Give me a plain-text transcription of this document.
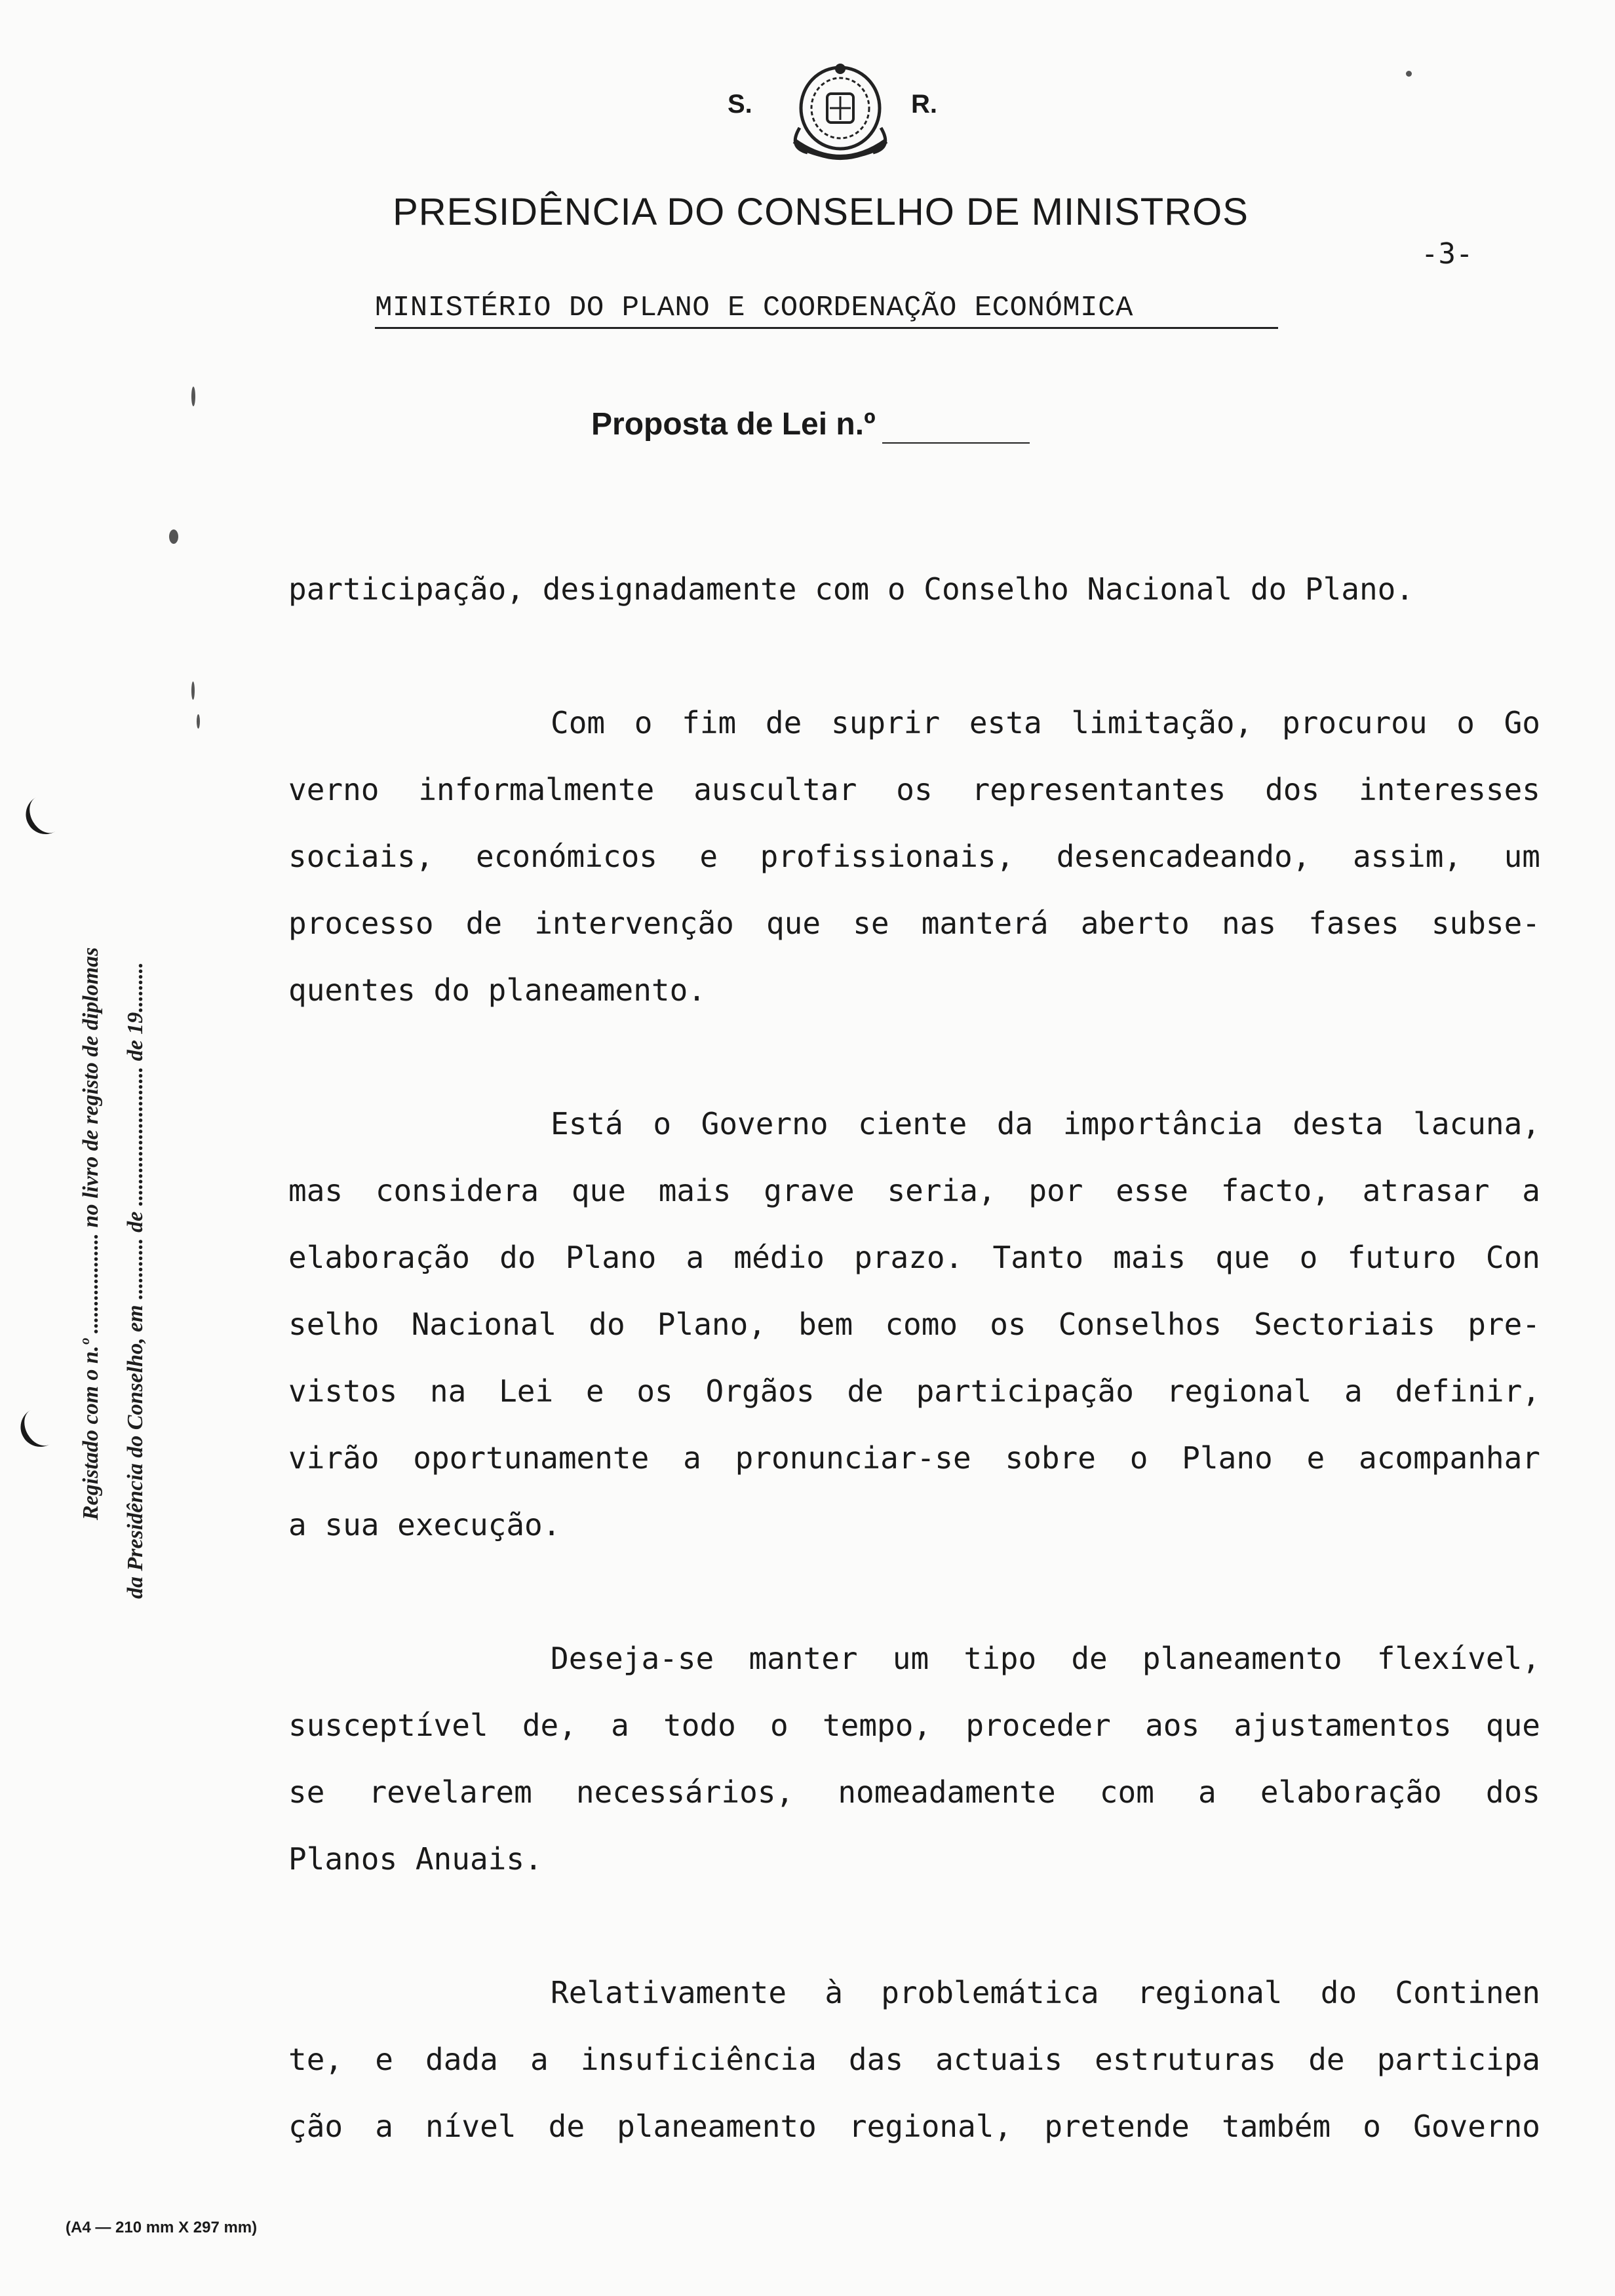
S.	R.
PRESIDÊNCIA DO CONSELHO DE MINISTROS
-3-
MINISTÉRIO DO PLANO E COORDENAÇÃO ECONÓMICA
Proposta de Lei n.º

participação, designadamente com o Conselho Nacional do Plano.

Com o fim de suprir esta limitação, procurou o Go
verno informalmente auscultar os representantes dos interesses
sociais, económicos e profissionais, desencadeando, assim, um
processo de intervenção que se manterá aberto nas fases subse-
quentes do planeamento.

Está o Governo ciente da importância desta lacuna,
mas considera que mais grave seria, por esse facto, atrasar a
elaboração do Plano a médio prazo. Tanto mais que o futuro Con
selho Nacional do Plano, bem como os Conselhos Sectoriais pre-
vistos na Lei e os Orgãos de participação regional a definir,
virão oportunamente a pronunciar-se sobre o Plano e acompanhar
a sua execução.

Deseja-se manter um tipo de planeamento flexível,
susceptível de, a todo o tempo, proceder aos ajustamentos que
se revelarem necessários, nomeadamente com a elaboração dos
Planos Anuais.

Relativamente à problemática regional do Continen
te, e dada a insuficiência das actuais estruturas de participa
ção a nível de planeamento regional, pretende também o Governo

Registado com o n.º .................. no livro de registo de diplomas da Presidência do Conselho, em ........... de ......................... de 19.........
(A4 — 210 mm X 297 mm)
